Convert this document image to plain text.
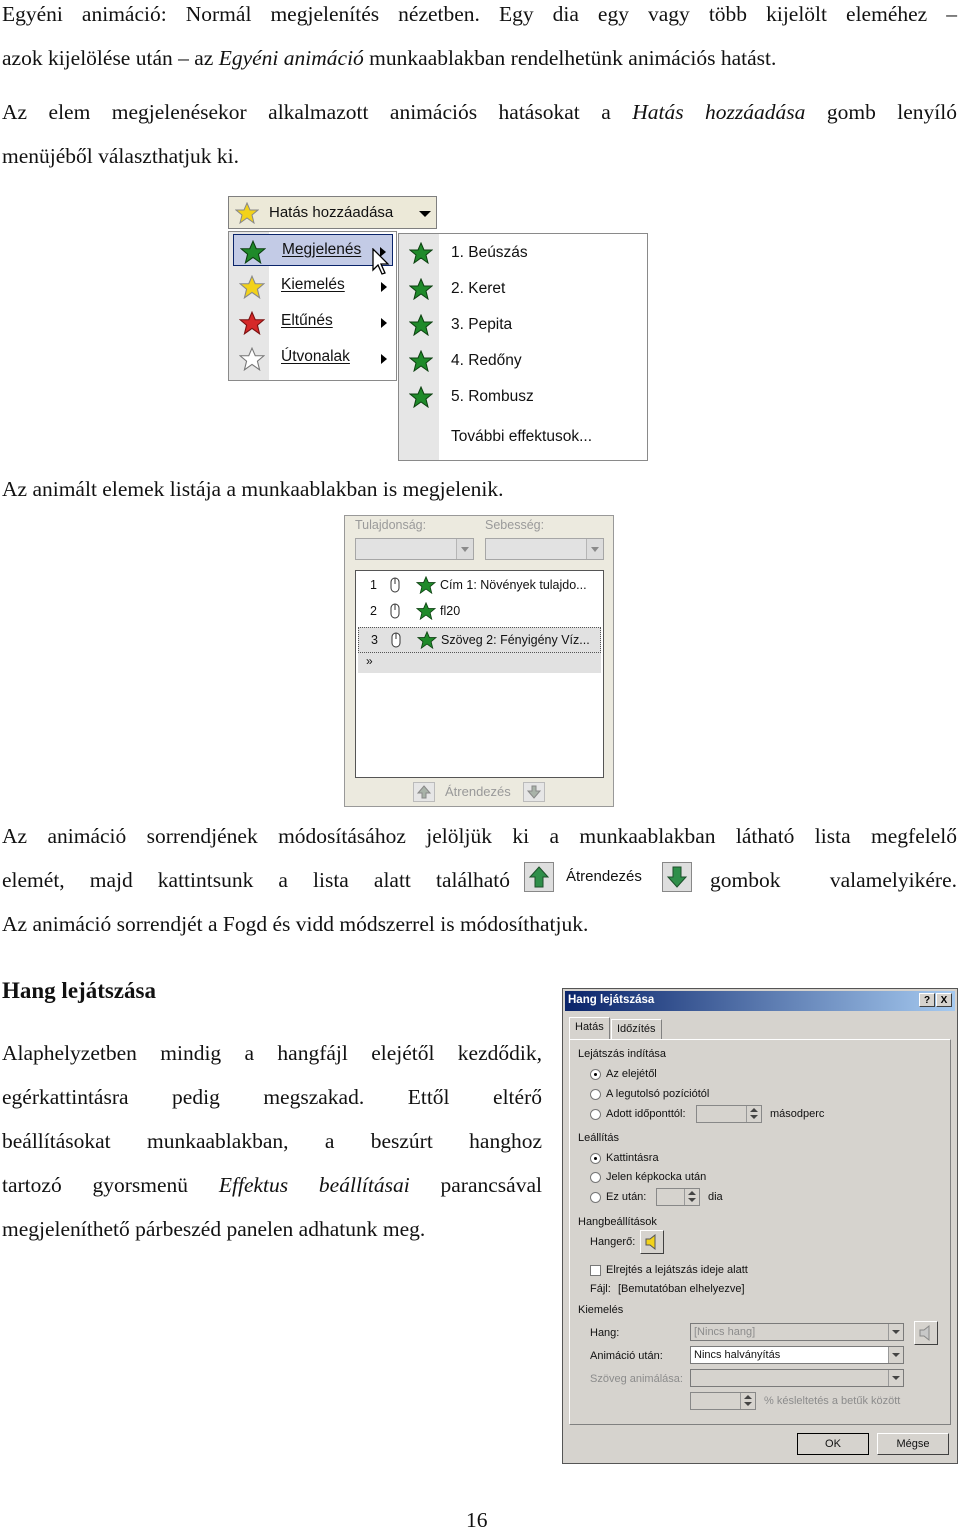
Egyéni animáció: Normál megjelenítés nézetben. Egy dia egy vagy több kijelölt eleméhez –
azok kijelölése után – az Egyéni animáció munkaablakban rendelhetünk animációs hatást.
Az elem megjelenésekor alkalmazott animációs hatásokat a Hatás hozzáadása gomb lenyíló
menüjéből választhatjuk ki.
Hatás hozzáadása
Megjelenés
Kiemelés
Eltűnés
Útvonalak
1. Beúszás
2. Keret
3. Pepita
4. Redőny
5. Rombusz
További effektusok...
Az animált elemek listája a munkaablakban is megjelenik.
Tulajdonság:	Sebesség:
1	Cím 1: Növények tulajdo...
2	fl20
3	Szöveg 2: Fényigény Víz...
»
Átrendezés
Az animáció sorrendjének módosításához jelöljük ki a munkaablakban látható lista megfelelő
elemét, majd kattintsunk a lista alatt található	gombok valamelyikére.
Az animáció sorrendjét a Fogd és vidd módszerrel is módosíthatjuk.
Átrendezés
Hang lejátszása
Alaphelyzetben mindig a hangfájl elejétől kezdődik,
egérkattintásra pedig megszakad. Ettől eltérő
beállításokat munkaablakban, a beszúrt hanghoz
tartozó gyorsmenü Effektus beállításai parancsával
megjeleníthető párbeszéd panelen adhatunk meg.
Hang lejátszása	?	X
Hatás	Időzítés
Lejátszás indítása
Az elejétől
A legutolsó pozíciótól
Adott időponttól:	másodperc
Leállítás
Kattintásra
Jelen képkocka után
Ez után:	dia
Hangbeállítások
Hangerő:
Elrejtés a lejátszás ideje alatt
Fájl: [Bemutatóban elhelyezve]
Kiemelés
Hang:	[Nincs hang]
Animáció után:	Nincs halványítás
Szöveg animálása:
% késleltetés a betűk között
OK	Mégse
16
